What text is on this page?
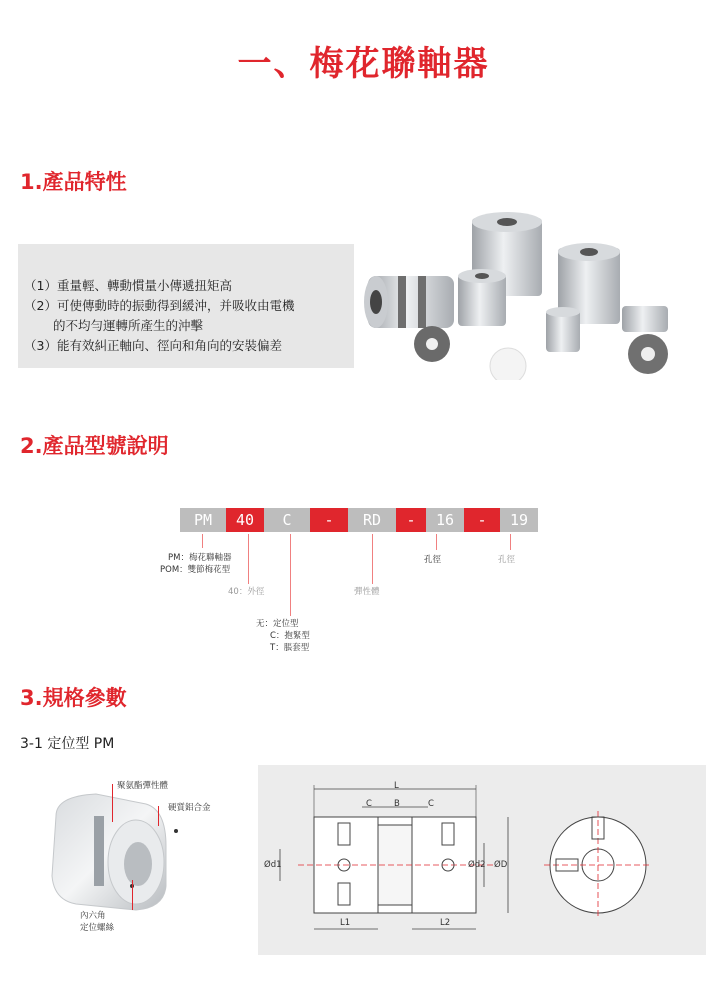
一、梅花聯軸器
1.產品特性
（1）重量輕、轉動慣量小傳遞扭矩高
（2）可使傳動時的振動得到緩沖，并吸收由電機
　　 的不均勻運轉所產生的沖擊
（3）能有效糾正軸向、徑向和角向的安裝偏差
2.產品型號說明
PM	40	C	-	RD	-	16	-	19
PM：梅花聯軸器
POM：雙節梅花型
40：外徑
无：定位型
C：抱緊型
T：脹套型
彈性體
孔徑	孔徑
3.規格參數
3-1 定位型 PM
聚氨酯彈性體
硬質鋁合金
內六角
定位螺絲
L
C	B	C
Ød1	Ød2 ØD
L1	L2
